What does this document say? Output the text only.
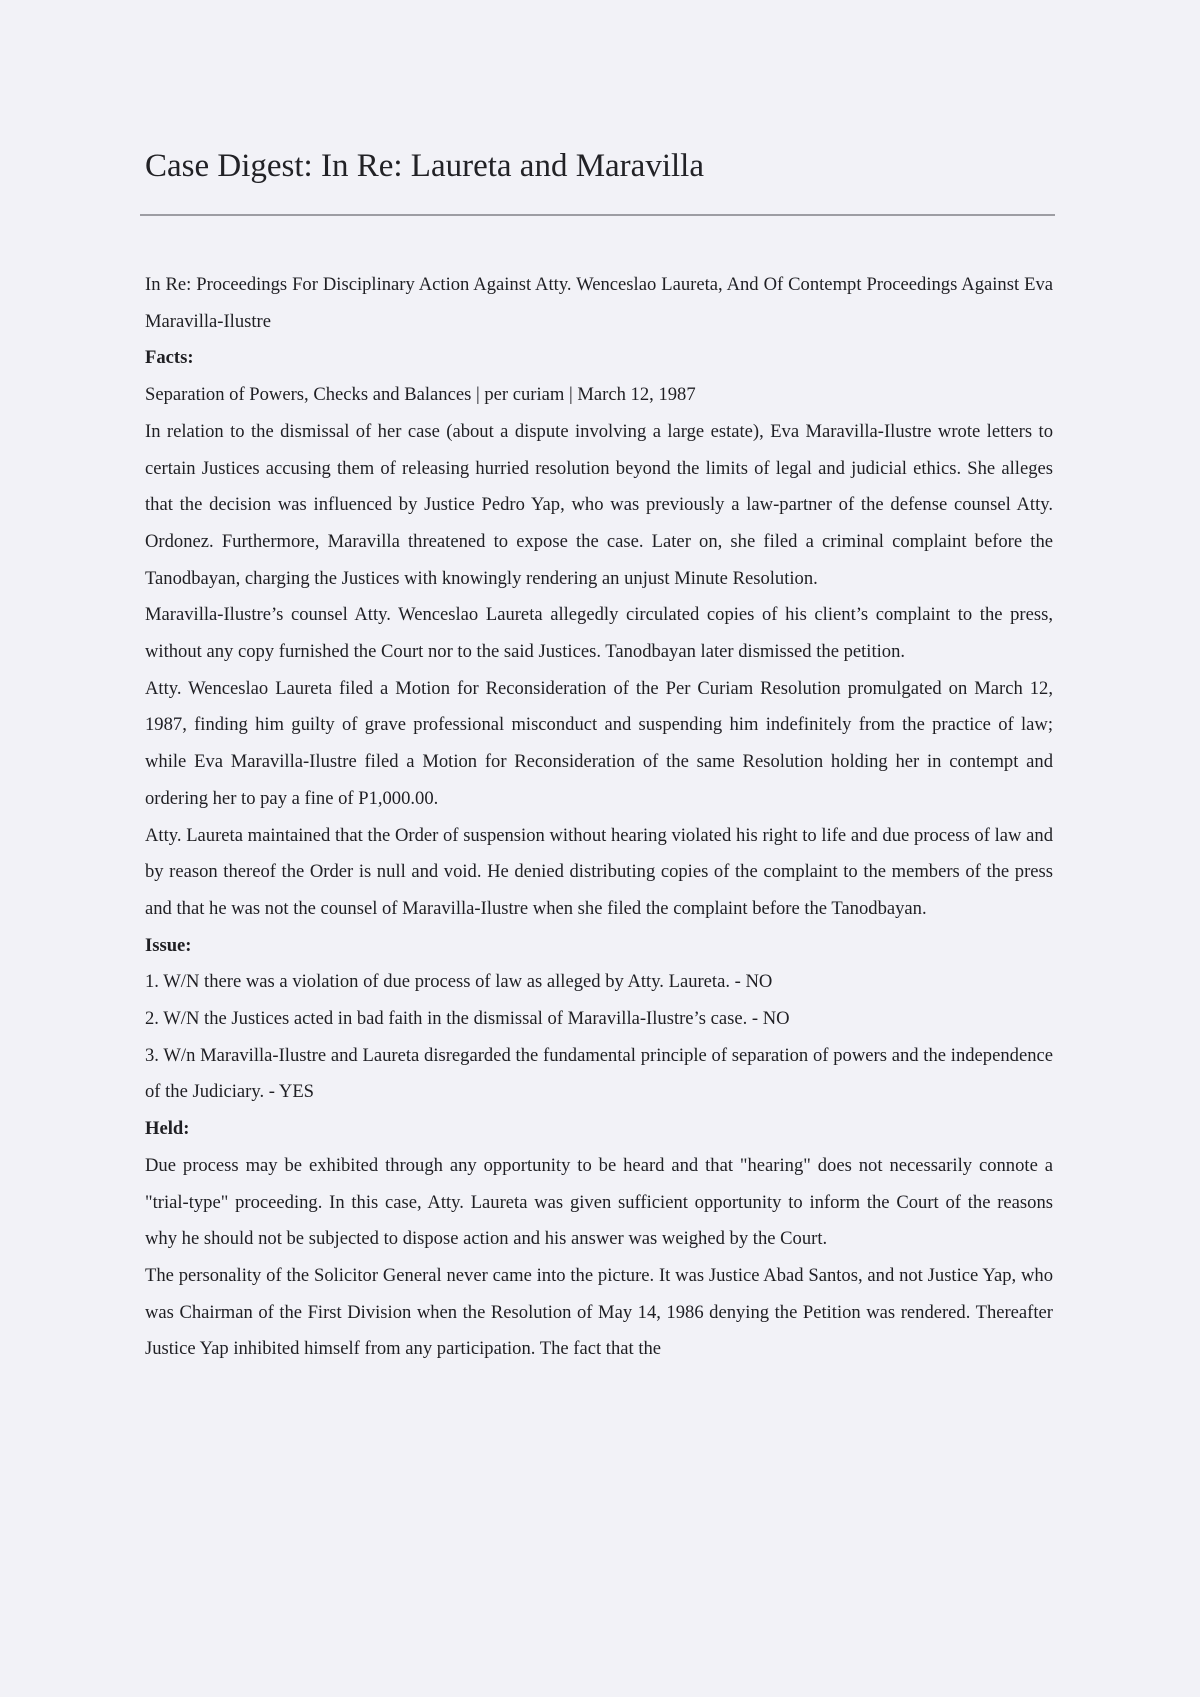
Case Digest: In Re: Laureta and Maravilla

In Re: Proceedings For Disciplinary Action Against Atty. Wenceslao Laureta, And Of Contempt Proceedings Against Eva Maravilla-Ilustre

Facts:

Separation of Powers, Checks and Balances | per curiam | March 12, 1987

In relation to the dismissal of her case (about a dispute involving a large estate), Eva Maravilla-Ilustre wrote letters to certain Justices accusing them of releasing hurried resolution beyond the limits of legal and judicial ethics. She alleges that the decision was influenced by Justice Pedro Yap, who was previously a law-partner of the defense counsel Atty. Ordonez. Furthermore, Maravilla threatened to expose the case. Later on, she filed a criminal complaint before the Tanodbayan, charging the Justices with knowingly rendering an unjust Minute Resolution.

Maravilla-Ilustre’s counsel Atty. Wenceslao Laureta allegedly circulated copies of his client’s complaint to the press, without any copy furnished the Court nor to the said Justices. Tanodbayan later dismissed the petition.

Atty. Wenceslao Laureta filed a Motion for Reconsideration of the Per Curiam Resolution promulgated on March 12, 1987, finding him guilty of grave professional misconduct and suspending him indefinitely from the practice of law; while Eva Maravilla-Ilustre filed a Motion for Reconsideration of the same Resolution holding her in contempt and ordering her to pay a fine of P1,000.00.

Atty. Laureta maintained that the Order of suspension without hearing violated his right to life and due process of law and by reason thereof the Order is null and void. He denied distributing copies of the complaint to the members of the press and that he was not the counsel of Maravilla-Ilustre when she filed the complaint before the Tanodbayan.

Issue:

1. W/N there was a violation of due process of law as alleged by Atty. Laureta. - NO

2. W/N the Justices acted in bad faith in the dismissal of Maravilla-Ilustre’s case. - NO

3. W/n Maravilla-Ilustre and Laureta disregarded the fundamental principle of separation of powers and the independence of the Judiciary. - YES

Held:

Due process may be exhibited through any opportunity to be heard and that "hearing" does not necessarily connote a "trial-type" proceeding. In this case, Atty. Laureta was given sufficient opportunity to inform the Court of the reasons why he should not be subjected to dispose action and his answer was weighed by the Court.

The personality of the Solicitor General never came into the picture. It was Justice Abad Santos, and not Justice Yap, who was Chairman of the First Division when the Resolution of May 14, 1986 denying the Petition was rendered. Thereafter Justice Yap inhibited himself from any participation. The fact that the
